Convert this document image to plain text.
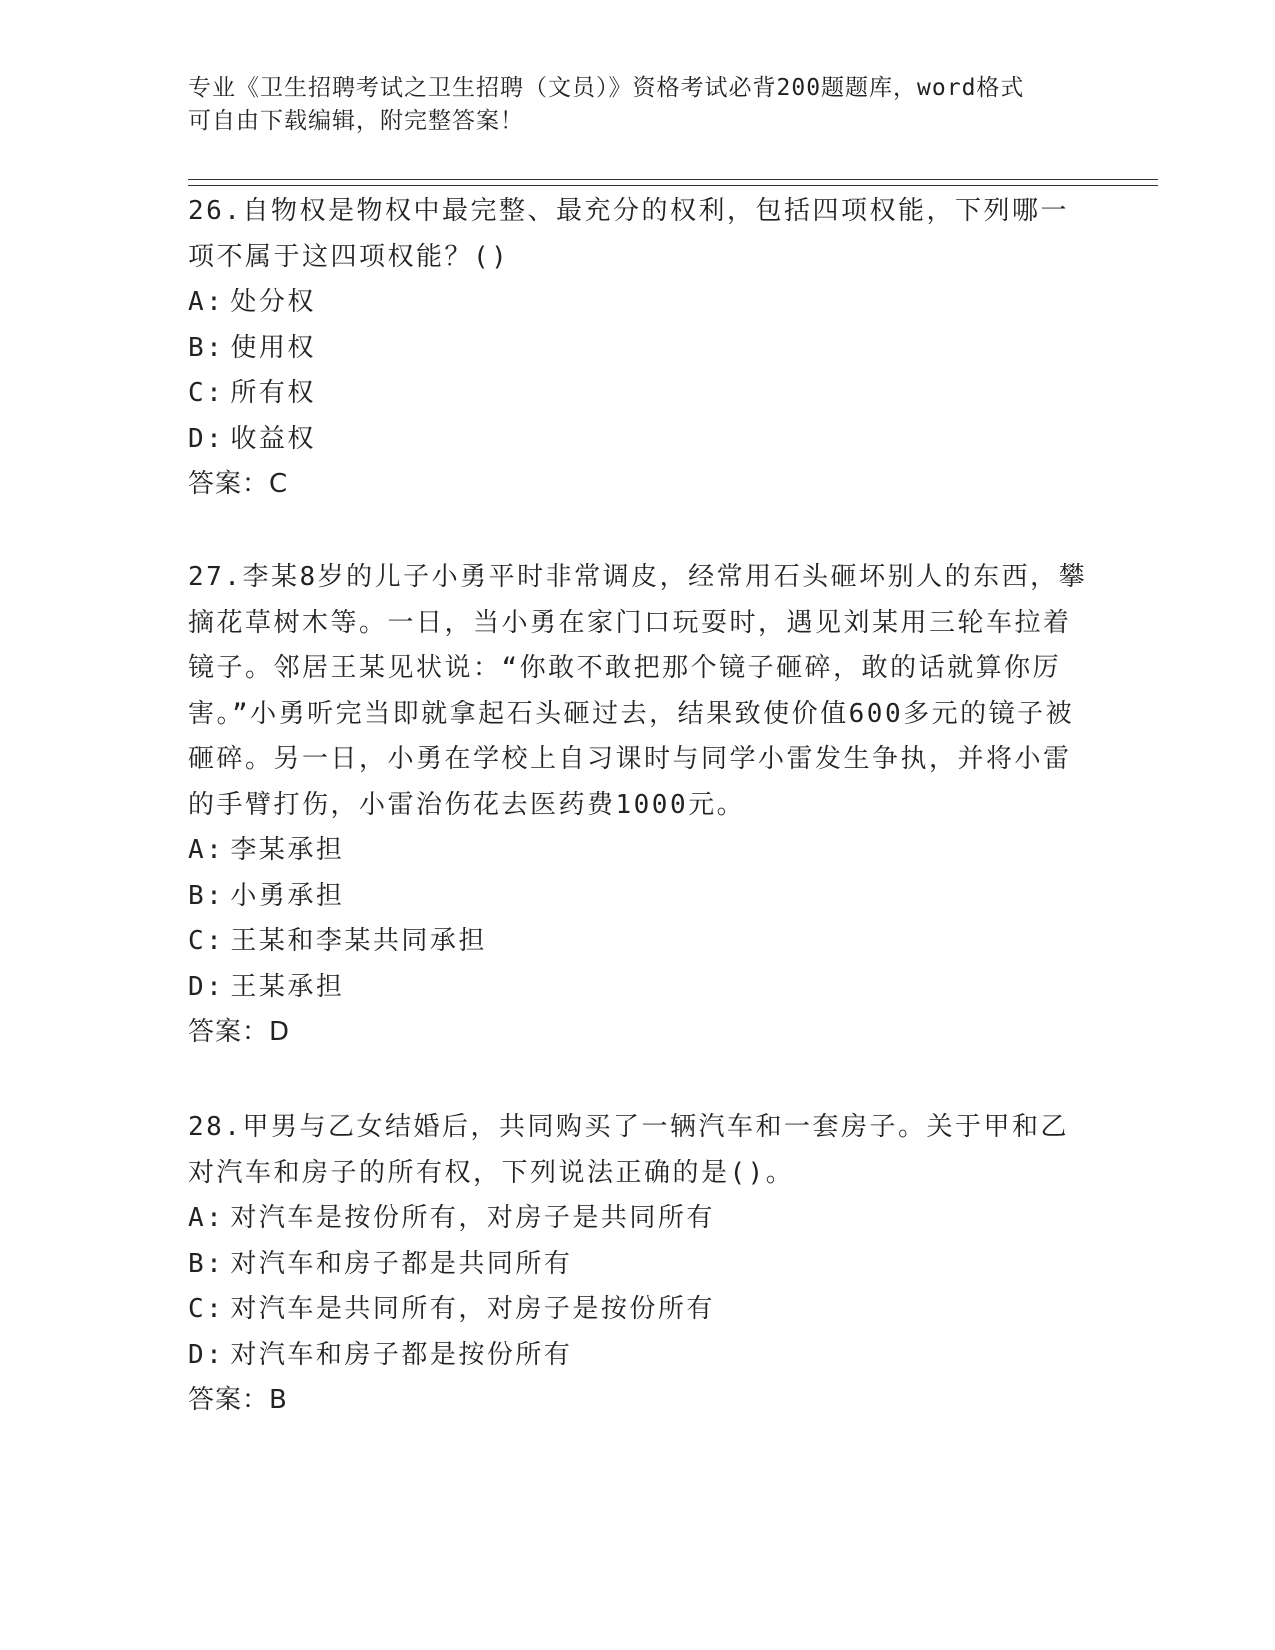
专业《卫生招聘考试之卫生招聘（文员）》资格考试必背200题题库，word格式
可自由下载编辑，附完整答案！

26.自物权是物权中最完整、最充分的权利，包括四项权能，下列哪一项不属于这四项权能？()

A: 处分权
B: 使用权
C: 所有权
D: 收益权
答案：C

27.李某8岁的儿子小勇平时非常调皮，经常用石头砸坏别人的东西，攀摘花草树木等。一日，当小勇在家门口玩耍时，遇见刘某用三轮车拉着镜子。邻居王某见状说：“你敢不敢把那个镜子砸碎，敢的话就算你厉害。”小勇听完当即就拿起石头砸过去，结果致使价值600多元的镜子被砸碎。另一日，小勇在学校上自习课时与同学小雷发生争执，并将小雷的手臂打伤，小雷治伤花去医药费1000元。

A: 李某承担
B: 小勇承担
C: 王某和李某共同承担
D: 王某承担
答案：D

28.甲男与乙女结婚后，共同购买了一辆汽车和一套房子。关于甲和乙对汽车和房子的所有权，下列说法正确的是()。

A: 对汽车是按份所有，对房子是共同所有
B: 对汽车和房子都是共同所有
C: 对汽车是共同所有，对房子是按份所有
D: 对汽车和房子都是按份所有
答案：B
